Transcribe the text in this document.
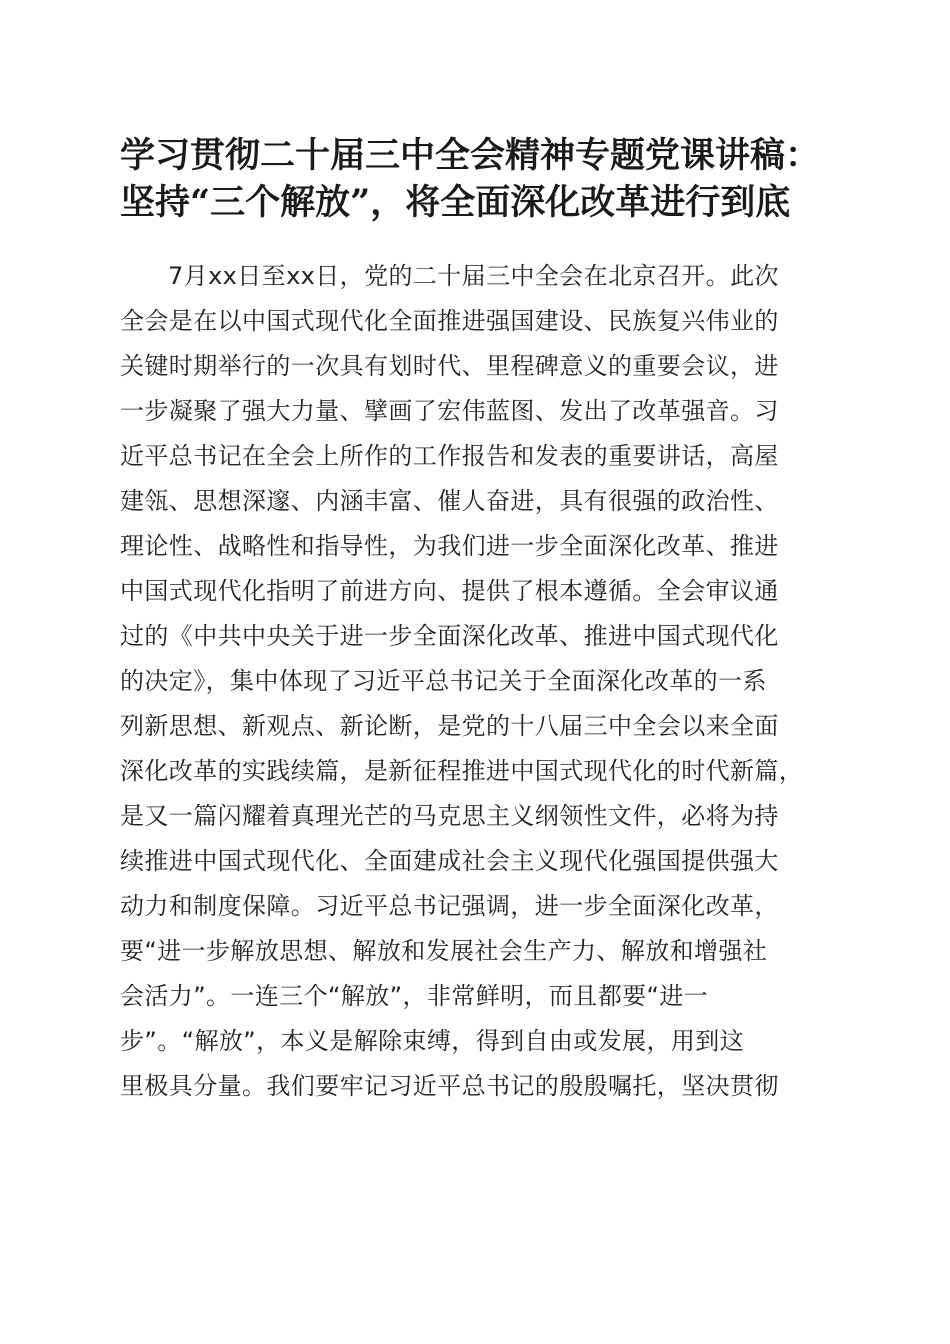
学习贯彻二十届三中全会精神专题党课讲稿：
坚持“三个解放”，将全面深化改革进行到底
7月xx日至xx日，党的二十届三中全会在北京召开。此次
全会是在以中国式现代化全面推进强国建设、民族复兴伟业的
关键时期举行的一次具有划时代、里程碑意义的重要会议，进
一步凝聚了强大力量、擘画了宏伟蓝图、发出了改革强音。习
近平总书记在全会上所作的工作报告和发表的重要讲话，高屋
建瓴、思想深邃、内涵丰富、催人奋进，具有很强的政治性、
理论性、战略性和指导性，为我们进一步全面深化改革、推进
中国式现代化指明了前进方向、提供了根本遵循。全会审议通
过的《中共中央关于进一步全面深化改革、推进中国式现代化
的决定》，集中体现了习近平总书记关于全面深化改革的一系
列新思想、新观点、新论断，是党的十八届三中全会以来全面
深化改革的实践续篇，是新征程推进中国式现代化的时代新篇，
是又一篇闪耀着真理光芒的马克思主义纲领性文件，必将为持
续推进中国式现代化、全面建成社会主义现代化强国提供强大
动力和制度保障。习近平总书记强调，进一步全面深化改革，
要“进一步解放思想、解放和发展社会生产力、解放和增强社
会活力”。一连三个“解放”，非常鲜明，而且都要“进一
步”。“解放”，本义是解除束缚，得到自由或发展，用到这
里极具分量。我们要牢记习近平总书记的殷殷嘱托，坚决贯彻
